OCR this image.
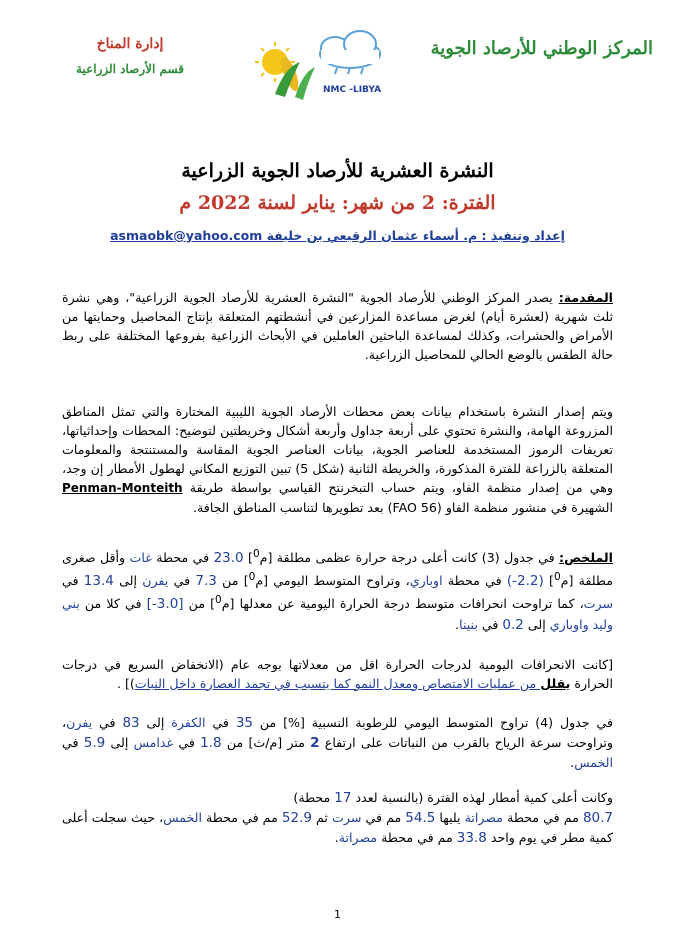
المركز الوطني للأرصاد الجوية
NMC -LIBYA
إدارة المناخ
قسم الأرصاد الزراعية
النشرة العشرية للأرصاد الجوية الزراعية
الفترة: 2 من شهر: يناير لسنة 2022 م
إعداد وتنفيذ : م. أسماء عثمان الرقيعي بن خليفة asmaobk@yahoo.com

المقدمة: يصدر المركز الوطني للأرصاد الجوية "النشرة العشرية للأرصاد الجوية الزراعية"، وهي نشرة ثلث شهرية (لعشرة أيام) لغرض مساعدة المزارعين في أنشطتهم المتعلقة بإنتاج المحاصيل وحمايتها من الأمراض والحشرات، وكذلك لمساعدة الباحثين العاملين في الأبحاث الزراعية بفروعها المختلفة على ربط حالة الطقس بالوضع الحالي للمحاصيل الزراعية.

ويتم إصدار النشرة باستخدام بيانات بعض محطات الأرصاد الجوية الليبية المختارة والتي تمثل المناطق المزروعة الهامة، والنشرة تحتوي على أربعة جداول وأربعة أشكال وخريطتين لتوضيح: المحطات وإحداثياتها، تعريفات الرموز المستخدمة للعناصر الجوية، بيانات العناصر الجوية المقاسة والمستنتجة والمعلومات المتعلقة بالزراعة للفترة المذكورة، والخريطة الثانية (شكل 5) تبين التوزيع المكاني لهطول الأمطار إن وجد، وهي من إصدار منظمة الفاو، ويتم حساب التبخرنتح القياسي بواسطة طريقة Penman-Monteith الشهيرة في منشور منظمة الفاو (FAO 56) بعد تطويرها لتناسب المناطق الجافة.

الملخص: في جدول (3) كانت أعلى درجة حرارة عظمى مطلقة [م$^0$] 23.0 في محطة غات وأقل صغرى مطلقة [م$^0$] (-2.2) في محطة اوباري، وتراوح المتوسط اليومي [م$^0$] من 7.3 في يفرن إلى 13.4 في سرت، كما تراوحت انحرافات متوسط درجة الحرارة اليومية عن معدلها [م$^0$] من [-3.0] في كلا من بني وليد واوباري إلى 0.2 في بنينا.

[كانت الانحرافات اليومية لدرجات الحرارة اقل من معدلاتها بوجه عام (الانخفاض السريع في درجات الحرارة يقلل من عمليات الامتصاص ومعدل النمو كما يتسبب في تجمد العصارة داخل النبات)] .

في جدول (4) تراوح المتوسط اليومي للرطوبة النسبية [%] من 35 في الكفرة إلى 83 في يفرن، وتراوحت سرعة الرياح بالقرب من النباتات على ارتفاع 2 متر [م/ث] من 1.8 في غدامس إلى 5.9 في الخمس.

وكانت أعلى كمية أمطار لهذه الفترة (بالنسبة لعدد 17 محطة)
80.7 مم في محطة مصراتة يليها 54.5 مم في سرت ثم 52.9 مم في محطة الخمس، حيث سجلت أعلى كمية مطر في يوم واحد 33.8 مم في محطة مصراتة.

1
